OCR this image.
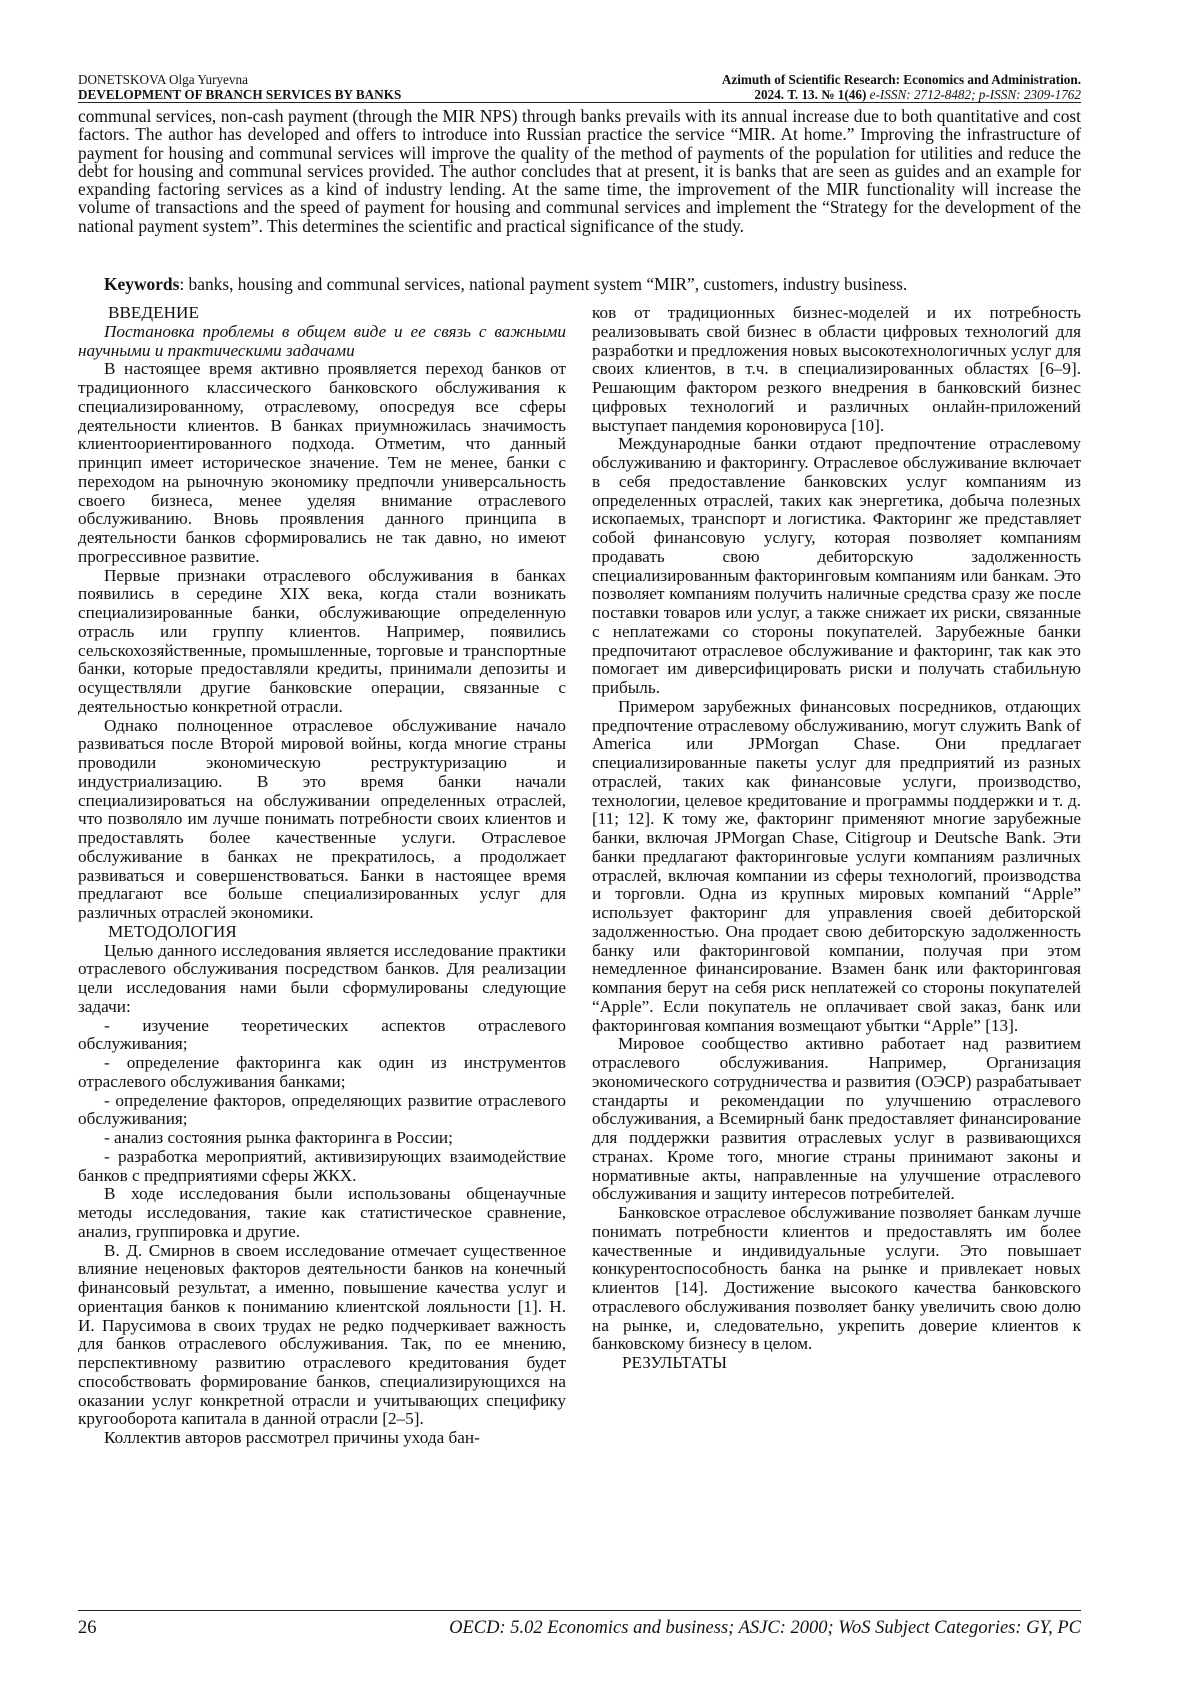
DONETSKOVA Olga Yuryevna
DEVELOPMENT OF BRANCH SERVICES BY BANKS
Azimuth of Scientific Research: Economics and Administration.
2024. Т. 13. № 1(46) e-ISSN: 2712-8482; p-ISSN: 2309-1762

communal services, non-cash payment (through the MIR NPS) through banks prevails with its annual increase due to both quantitative and cost factors. The author has developed and offers to introduce into Russian practice the service “MIR. At home.” Improving the infrastructure of payment for housing and communal services will improve the quality of the method of payments of the population for utilities and reduce the debt for housing and communal services provided. The author concludes that at present, it is banks that are seen as guides and an example for expanding factoring services as a kind of industry lending. At the same time, the improvement of the MIR functionality will increase the volume of transactions and the speed of payment for housing and communal services and implement the “Strategy for the development of the national payment system”. This determines the scientific and practical significance of the study.

Keywords: banks, housing and communal services, national payment system “MIR”, customers, industry business.

ВВЕДЕНИЕ

Постановка проблемы в общем виде и ее связь с важными научными и практическими задачами

В настоящее время активно проявляется переход банков от традиционного классического банковского обслуживания к специализированному, отраслевому, опосредуя все сферы деятельности клиентов. В банках приумножилась значимость клиентоориентированного подхода. Отметим, что данный принцип имеет историческое значение. Тем не менее, банки с переходом на рыночную экономику предпочли универсальность своего бизнеса, менее уделяя внимание отраслевого обслуживанию. Вновь проявления данного принципа в деятельности банков сформировались не так давно, но имеют прогрессивное развитие.

Первые признаки отраслевого обслуживания в банках появились в середине XIX века, когда стали возникать специализированные банки, обслуживающие определенную отрасль или группу клиентов. Например, появились сельскохозяйственные, промышленные, торговые и транспортные банки, которые предоставляли кредиты, принимали депозиты и осуществляли другие банковские операции, связанные с деятельностью конкретной отрасли.

Однако полноценное отраслевое обслуживание начало развиваться после Второй мировой войны, когда многие страны проводили экономическую реструктуризацию и индустриализацию. В это время банки начали специализироваться на обслуживании определенных отраслей, что позволяло им лучше понимать потребности своих клиентов и предоставлять более качественные услуги. Отраслевое обслуживание в банках не прекратилось, а продолжает развиваться и совершенствоваться. Банки в настоящее время предлагают все больше специализированных услуг для различных отраслей экономики.

МЕТОДОЛОГИЯ

Целью данного исследования является исследование практики отраслевого обслуживания посредством банков. Для реализации цели исследования нами были сформулированы следующие задачи:

- изучение теоретических аспектов отраслевого обслуживания;

- определение факторинга как один из инструментов отраслевого обслуживания банками;

- определение факторов, определяющих развитие отраслевого обслуживания;

- анализ состояния рынка факторинга в России;

- разработка мероприятий, активизирующих взаимодействие банков с предприятиями сферы ЖКХ.

В ходе исследования были использованы общенаучные методы исследования, такие как статистическое сравнение, анализ, группировка и другие.

В. Д. Смирнов в своем исследование отмечает существенное влияние неценовых факторов деятельности банков на конечный финансовый результат, а именно, повышение качества услуг и ориентация банков к пониманию клиентской лояльности [1]. Н. И. Парусимова в своих трудах не редко подчеркивает важность для банков отраслевого обслуживания. Так, по ее мнению, перспективному развитию отраслевого кредитования будет способствовать формирование банков, специализирующихся на оказании услуг конкретной отрасли и учитывающих специфику кругооборота капитала в данной отрасли [2–5].

Коллектив авторов рассмотрел причины ухода бан-

ков от традиционных бизнес-моделей и их потребность реализовывать свой бизнес в области цифровых технологий для разработки и предложения новых высокотехнологичных услуг для своих клиентов, в т.ч. в специализированных областях [6–9]. Решающим фактором резкого внедрения в банковский бизнес цифровых технологий и различных онлайн-приложений выступает пандемия короновируса [10].

Международные банки отдают предпочтение отраслевому обслуживанию и факторингу. Отраслевое обслуживание включает в себя предоставление банковских услуг компаниям из определенных отраслей, таких как энергетика, добыча полезных ископаемых, транспорт и логистика. Факторинг же представляет собой финансовую услугу, которая позволяет компаниям продавать свою дебиторскую задолженность специализированным факторинговым компаниям или банкам. Это позволяет компаниям получить наличные средства сразу же после поставки товаров или услуг, а также снижает их риски, связанные с неплатежами со стороны покупателей. Зарубежные банки предпочитают отраслевое обслуживание и факторинг, так как это помогает им диверсифицировать риски и получать стабильную прибыль.

Примером зарубежных финансовых посредников, отдающих предпочтение отраслевому обслуживанию, могут служить Bank of America или JPMorgan Chase. Они предлагает специализированные пакеты услуг для предприятий из разных отраслей, таких как финансовые услуги, производство, технологии, целевое кредитование и программы поддержки и т. д. [11; 12]. К тому же, факторинг применяют многие зарубежные банки, включая JPMorgan Chase, Citigroup и Deutsche Bank. Эти банки предлагают факторинговые услуги компаниям различных отраслей, включая компании из сферы технологий, производства и торговли. Одна из крупных мировых компаний “Apple” использует факторинг для управления своей дебиторской задолженностью. Она продает свою дебиторскую задолженность банку или факторинговой компании, получая при этом немедленное финансирование. Взамен банк или факторинговая компания берут на себя риск неплатежей со стороны покупателей “Apple”. Если покупатель не оплачивает свой заказ, банк или факторинговая компания возмещают убытки “Apple” [13].

Мировое сообщество активно работает над развитием отраслевого обслуживания. Например, Организация экономического сотрудничества и развития (ОЭСР) разрабатывает стандарты и рекомендации по улучшению отраслевого обслуживания, а Всемирный банк предоставляет финансирование для поддержки развития отраслевых услуг в развивающихся странах. Кроме того, многие страны принимают законы и нормативные акты, направленные на улучшение отраслевого обслуживания и защиту интересов потребителей.

Банковское отраслевое обслуживание позволяет банкам лучше понимать потребности клиентов и предоставлять им более качественные и индивидуальные услуги. Это повышает конкурентоспособность банка на рынке и привлекает новых клиентов [14]. Достижение высокого качества банковского отраслевого обслуживания позволяет банку увеличить свою долю на рынке, и, следовательно, укрепить доверие клиентов к банковскому бизнесу в целом.

РЕЗУЛЬТАТЫ

26	OECD: 5.02 Economics and business; ASJC: 2000; WoS Subject Categories: GY, PC
